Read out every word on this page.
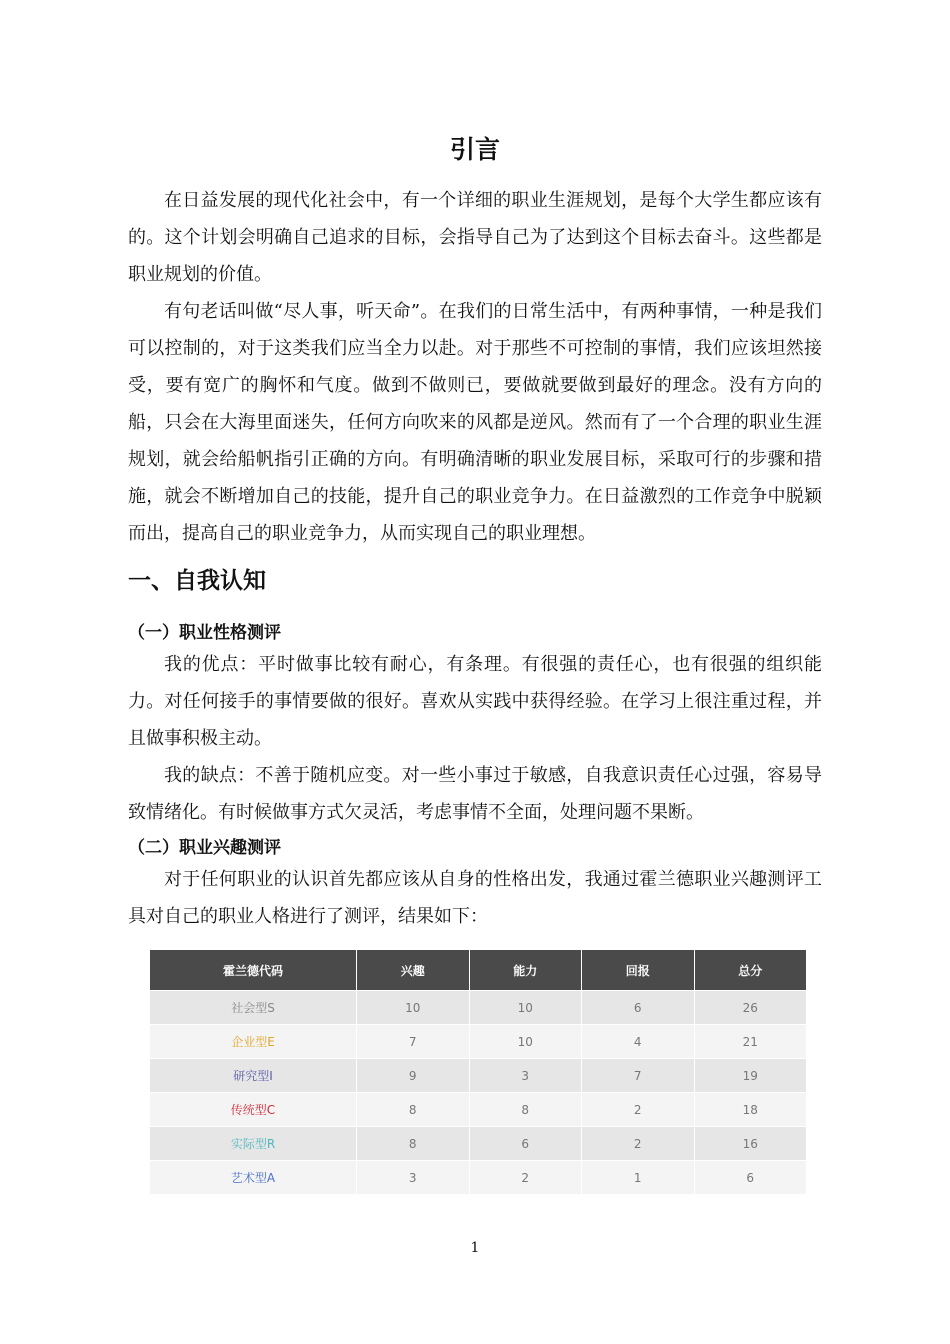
引言

在日益发展的现代化社会中，有一个详细的职业生涯规划，是每个大学生都应该有的。这个计划会明确自己追求的目标，会指导自己为了达到这个目标去奋斗。这些都是职业规划的价值。

有句老话叫做“尽人事，听天命”。在我们的日常生活中，有两种事情，一种是我们可以控制的，对于这类我们应当全力以赴。对于那些不可控制的事情，我们应该坦然接受，要有宽广的胸怀和气度。做到不做则已，要做就要做到最好的理念。没有方向的船，只会在大海里面迷失，任何方向吹来的风都是逆风。然而有了一个合理的职业生涯规划，就会给船帆指引正确的方向。有明确清晰的职业发展目标，采取可行的步骤和措施，就会不断增加自己的技能，提升自己的职业竞争力。在日益激烈的工作竞争中脱颖而出，提高自己的职业竞争力，从而实现自己的职业理想。

一、自我认知
（一）职业性格测评

我的优点：平时做事比较有耐心，有条理。有很强的责任心，也有很强的组织能力。对任何接手的事情要做的很好。喜欢从实践中获得经验。在学习上很注重过程，并且做事积极主动。

我的缺点：不善于随机应变。对一些小事过于敏感，自我意识责任心过强，容易导致情绪化。有时候做事方式欠灵活，考虑事情不全面，处理问题不果断。

（二）职业兴趣测评

对于任何职业的认识首先都应该从自身的性格出发，我通过霍兰德职业兴趣测评工具对自己的职业人格进行了测评，结果如下：

霍兰德代码	兴趣	能力	回报	总分
社会型S	10	10	6	26
企业型E	7	10	4	21
研究型I	9	3	7	19
传统型C	8	8	2	18
实际型R	8	6	2	16
艺术型A	3	2	1	6
1
